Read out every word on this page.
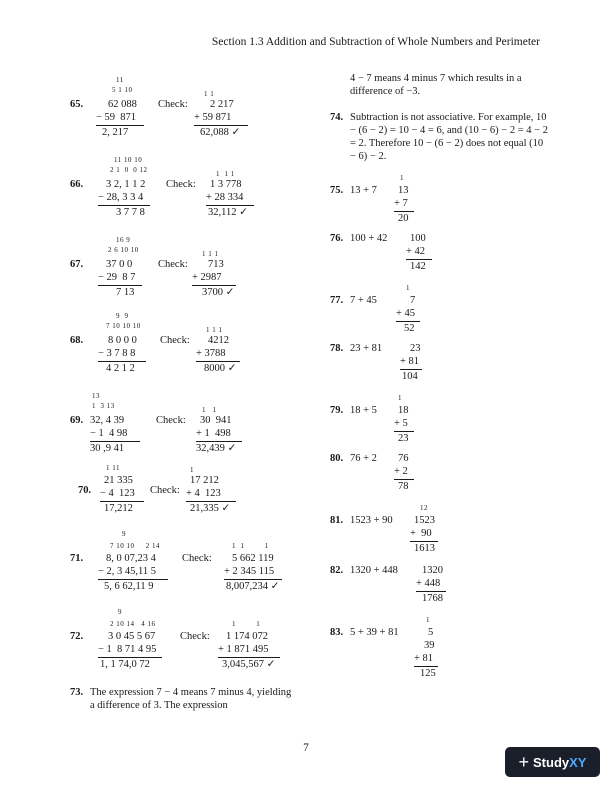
Section 1.3 Addition and Subtraction of Whole Numbers and Perimeter
11
5 1 10
65. 62 088
− 59  871
2, 217
Check:
1 1
2 217
+ 59 871
62,088 ✓
11 10 10
2 1  0  0 12
66. 3 2, 1 1 2
− 28, 3 3 4
3 7 7 8
Check:
1  1 1
1 3 778
+ 28 334
32,112 ✓
16 9
2 6 10 10
67. 37 0 0
− 29  8 7
7 13
Check:
1 1 1
713
+ 2987
3700 ✓
9  9
7 10 10 10
68. 8 0 0 0
− 3 7 8 8
4 2 1 2
Check:
1 1 1
4212
+ 3788
8000 ✓
13
1  3 13
69. 32, 4 39
− 1  4 98
30 ,9 41
Check:
1   1
30  941
+ 1  498
32,439 ✓
1 11
70.
21 335
− 4  123
17,212
Check:
1
17 212
+ 4  123
21,335 ✓
9
7 10 10     2 14
71. 8, 0 07,23 4
− 2, 3 45,11 5
5, 6 62,11 9
Check:
1  1         1
5 662 119
+ 2 345 115
8,007,234 ✓
9
2 10 14   4 16
72. 3 0 45 5 67
− 1  8 71 4 95
1, 1 74,0 72
Check:
1         1
1 174 072
+ 1 871 495
3,045,567 ✓
73. The expression 7 − 4 means 7 minus 4, yielding a difference of 3. The expression
4 − 7 means 4 minus 7 which results in a difference of −3.
74. Subtraction is not associative. For example, 10 − (6 − 2) = 10 − 4 = 6, and (10 − 6) − 2 = 4 − 2 = 2. Therefore 10 − (6 − 2) does not equal (10 − 6) − 2.
75. 13 + 7
1
13
+ 7
20
76. 100 + 42 100
+ 42
142
77. 7 + 45
1
7
+ 45
52
78. 23 + 81	23
+ 81
104
79. 18 + 5
1
18
+ 5
23
80. 76 + 2 76
+ 2
78
81. 1523 + 90
12
1523
+  90
1613
82. 1320 + 448 1320
+ 448
1768
83. 5 + 39 + 81
1
5
39
+ 81
125
7
+ StudyXY
